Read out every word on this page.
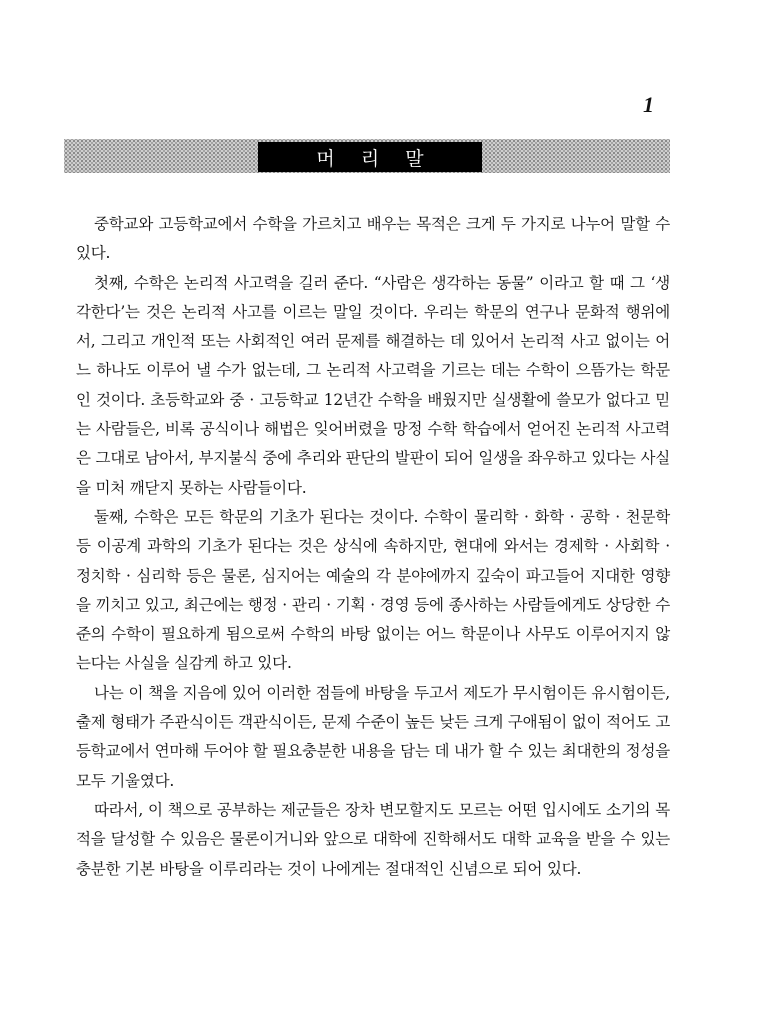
1
머 리 말

중학교와 고등학교에서 수학을 가르치고 배우는 목적은 크게 두 가지로 나누어 말할 수 있다.

첫째, 수학은 논리적 사고력을 길러 준다. “사람은 생각하는 동물” 이라고 할 때 그 ‘생각한다’는 것은 논리적 사고를 이르는 말일 것이다. 우리는 학문의 연구나 문화적 행위에서, 그리고 개인적 또는 사회적인 여러 문제를 해결하는 데 있어서 논리적 사고 없이는 어느 하나도 이루어 낼 수가 없는데, 그 논리적 사고력을 기르는 데는 수학이 으뜸가는 학문인 것이다. 초등학교와 중 · 고등학교 12년간 수학을 배웠지만 실생활에 쓸모가 없다고 믿는 사람들은, 비록 공식이나 해법은 잊어버렸을 망정 수학 학습에서 얻어진 논리적 사고력은 그대로 남아서, 부지불식 중에 추리와 판단의 발판이 되어 일생을 좌우하고 있다는 사실을 미처 깨닫지 못하는 사람들이다.

둘째, 수학은 모든 학문의 기초가 된다는 것이다. 수학이 물리학 · 화학 · 공학 · 천문학 등 이공계 과학의 기초가 된다는 것은 상식에 속하지만, 현대에 와서는 경제학 · 사회학 · 정치학 · 심리학 등은 물론, 심지어는 예술의 각 분야에까지 깊숙이 파고들어 지대한 영향을 끼치고 있고, 최근에는 행정 · 관리 · 기획 · 경영 등에 종사하는 사람들에게도 상당한 수준의 수학이 필요하게 됨으로써 수학의 바탕 없이는 어느 학문이나 사무도 이루어지지 않는다는 사실을 실감케 하고 있다.

나는 이 책을 지음에 있어 이러한 점들에 바탕을 두고서 제도가 무시험이든 유시험이든, 출제 형태가 주관식이든 객관식이든, 문제 수준이 높든 낮든 크게 구애됨이 없이 적어도 고등학교에서 연마해 두어야 할 필요충분한 내용을 담는 데 내가 할 수 있는 최대한의 정성을 모두 기울였다.

따라서, 이 책으로 공부하는 제군들은 장차 변모할지도 모르는 어떤 입시에도 소기의 목적을 달성할 수 있음은 물론이거니와 앞으로 대학에 진학해서도 대학 교육을 받을 수 있는 충분한 기본 바탕을 이루리라는 것이 나에게는 절대적인 신념으로 되어 있다.
